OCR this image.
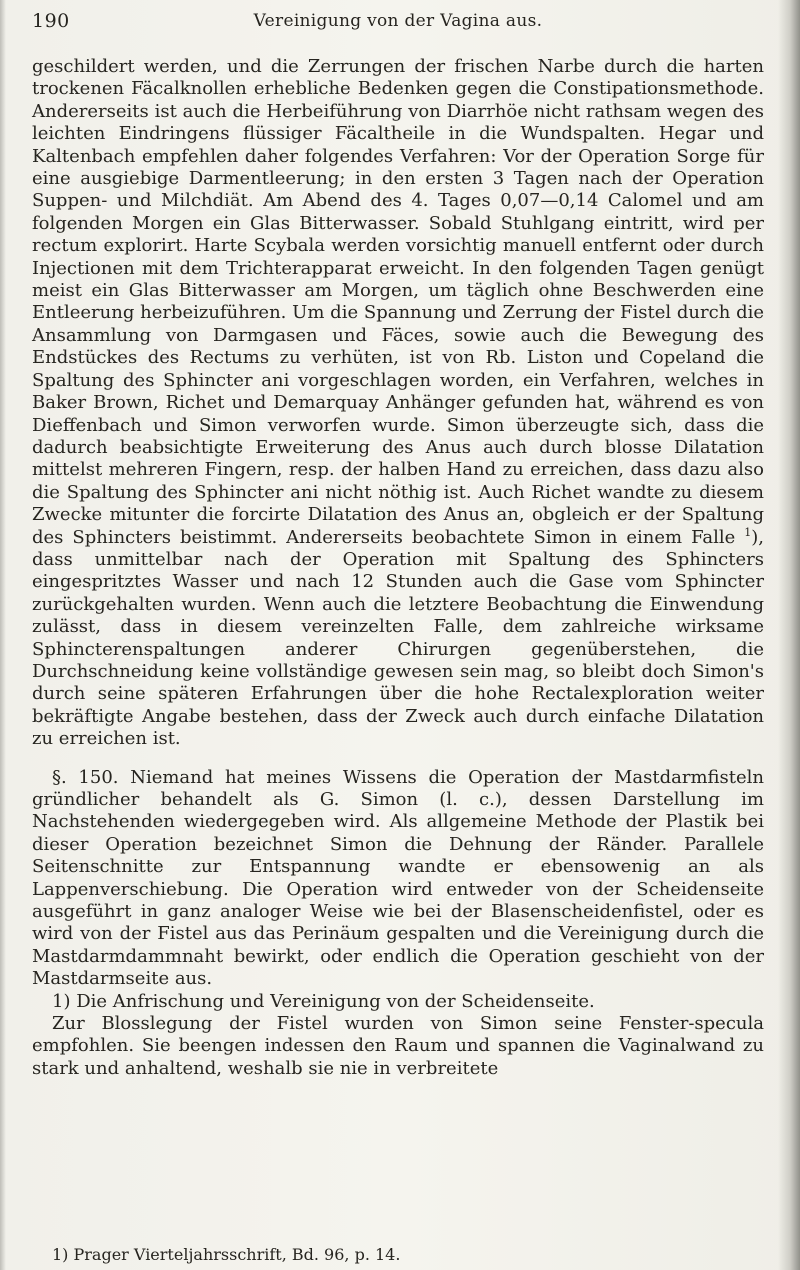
190	Vereinigung von der Vagina aus.

geschildert werden, und die Zerrungen der frischen Narbe durch die harten trockenen Fäcalknollen erhebliche Bedenken gegen die Constipationsmethode. Andererseits ist auch die Herbeiführung von Diarrhöe nicht rathsam wegen des leichten Eindringens flüssiger Fäcaltheile in die Wundspalten. Hegar und Kaltenbach empfehlen daher folgendes Verfahren: Vor der Operation Sorge für eine ausgiebige Darmentleerung; in den ersten 3 Tagen nach der Operation Suppen- und Milchdiät. Am Abend des 4. Tages 0,07—0,14 Calomel und am folgenden Morgen ein Glas Bitterwasser. Sobald Stuhlgang eintritt, wird per rectum explorirt. Harte Scybala werden vorsichtig manuell entfernt oder durch Injectionen mit dem Trichterapparat erweicht. In den folgenden Tagen genügt meist ein Glas Bitterwasser am Morgen, um täglich ohne Beschwerden eine Entleerung herbeizuführen. Um die Spannung und Zerrung der Fistel durch die Ansammlung von Darmgasen und Fäces, sowie auch die Bewegung des Endstückes des Rectums zu verhüten, ist von Rb. Liston und Copeland die Spaltung des Sphincter ani vorgeschlagen worden, ein Verfahren, welches in Baker Brown, Richet und Demarquay Anhänger gefunden hat, während es von Dieffenbach und Simon verworfen wurde. Simon überzeugte sich, dass die dadurch beabsichtigte Erweiterung des Anus auch durch blosse Dilatation mittelst mehreren Fingern, resp. der halben Hand zu erreichen, dass dazu also die Spaltung des Sphincter ani nicht nöthig ist. Auch Richet wandte zu diesem Zwecke mitunter die forcirte Dilatation des Anus an, obgleich er der Spaltung des Sphincters beistimmt. Andererseits beobachtete Simon in einem Falle $^1$), dass unmittelbar nach der Operation mit Spaltung des Sphincters eingespritztes Wasser und nach 12 Stunden auch die Gase vom Sphincter zurückgehalten wurden. Wenn auch die letztere Beobachtung die Einwendung zulässt, dass in diesem vereinzelten Falle, dem zahlreiche wirksame Sphincterenspaltungen anderer Chirurgen gegenüberstehen, die Durchschneidung keine vollständige gewesen sein mag, so bleibt doch Simon's durch seine späteren Erfahrungen über die hohe Rectalexploration weiter bekräftigte Angabe bestehen, dass der Zweck auch durch einfache Dilatation zu erreichen ist.

§. 150. Niemand hat meines Wissens die Operation der Mastdarmfisteln gründlicher behandelt als G. Simon (l. c.), dessen Darstellung im Nachstehenden wiedergegeben wird. Als allgemeine Methode der Plastik bei dieser Operation bezeichnet Simon die Dehnung der Ränder. Parallele Seitenschnitte zur Entspannung wandte er ebensowenig an als Lappenverschiebung. Die Operation wird entweder von der Scheidenseite ausgeführt in ganz analoger Weise wie bei der Blasenscheidenfistel, oder es wird von der Fistel aus das Perinäum gespalten und die Vereinigung durch die Mastdarmdammnaht bewirkt, oder endlich die Operation geschieht von der Mastdarmseite aus.

1) Die Anfrischung und Vereinigung von der Scheidenseite.

Zur Blosslegung der Fistel wurden von Simon seine Fenster-specula empfohlen. Sie beengen indessen den Raum und spannen die Vaginalwand zu stark und anhaltend, weshalb sie nie in verbreitete

1) Prager Vierteljahrsschrift, Bd. 96, p. 14.
